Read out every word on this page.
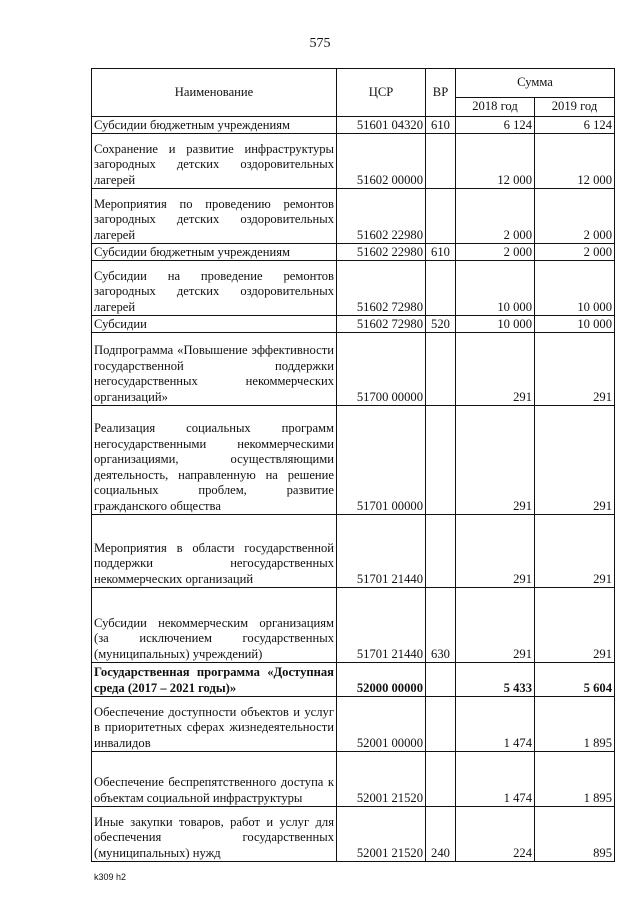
575
Наименование	ЦСР	ВР	Сумма	
			2018 год	2019 год
Субсидии бюджетным учреждениям	51601 04320	610	6 124	6 124
Сохранение и развитие инфраструктуры загородных детских оздоровительных лагерей	51602 00000		12 000	12 000
Мероприятия по проведению ремонтов загородных детских оздоровительных лагерей	51602 22980		2 000	2 000
Субсидии бюджетным учреждениям	51602 22980	610	2 000	2 000
Субсидии на проведение ремонтов загородных детских оздоровительных лагерей	51602 72980		10 000	10 000
Субсидии	51602 72980	520	10 000	10 000
Подпрограмма «Повышение эффективности государственной поддержки негосударственных некоммерческих организаций»	51700 00000		291	291
Реализация социальных программ негосударственными некоммерческими организациями, осуществляющими деятельность, направленную на решение социальных проблем, развитие гражданского общества	51701 00000		291	291
Мероприятия в области государственной поддержки негосударственных некоммерческих организаций	51701 21440		291	291
Субсидии некоммерческим организациям (за исключением государственных (муниципальных) учреждений)	51701 21440	630	291	291
Государственная программа «Доступная среда (2017 – 2021 годы)»	52000 00000		5 433	5 604
Обеспечение доступности объектов и услуг в приоритетных сферах жизнедеятельности инвалидов	52001 00000		1 474	1 895
Обеспечение беспрепятственного доступа к объектам социальной инфраструктуры	52001 21520		1 474	1 895
Иные закупки товаров, работ и услуг для обеспечения государственных (муниципальных) нужд	52001 21520	240	224	895
k309 h2
